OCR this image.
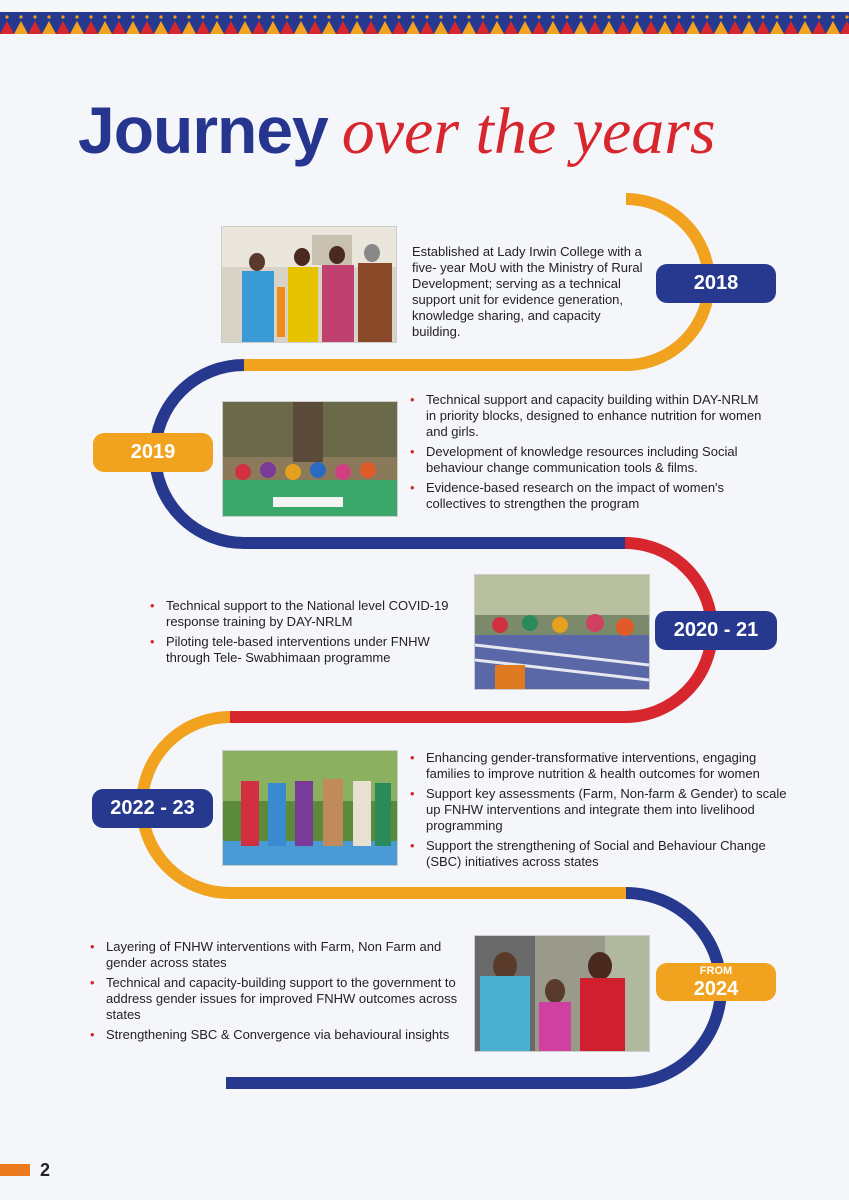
Journey over the years
Established at Lady Irwin College with a five- year MoU with the Ministry of Rural Development; serving as a technical support unit for evidence generation, knowledge sharing, and capacity building.
2018
2019
• Technical support and capacity building within DAY-NRLM in priority blocks, designed to enhance nutrition for women and girls.
• Development of knowledge resources including Social behaviour change communication tools & films.
• Evidence-based research on the impact of women's collectives to strengthen the program
• Technical support to the National level COVID-19 response training by DAY-NRLM
• Piloting tele-based interventions under FNHW through Tele- Swabhimaan programme
2020 - 21
2022 - 23
• Enhancing gender-transformative interventions, engaging families to improve nutrition & health outcomes for women
• Support key assessments (Farm, Non-farm & Gender) to scale up FNHW interventions and integrate them into livelihood programming
• Support the strengthening of Social and Behaviour Change (SBC) initiatives across states
• Layering of FNHW interventions with Farm, Non Farm and gender across states
• Technical and capacity-building support to the government to address gender issues for improved FNHW outcomes across states
• Strengthening SBC & Convergence via behavioural insights
FROM
2024
2
